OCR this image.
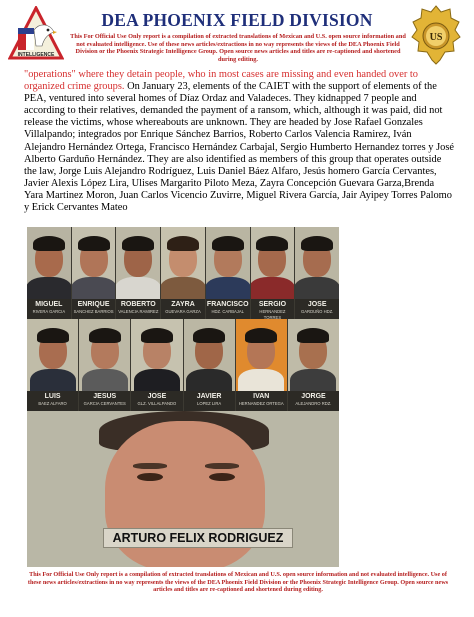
INTELLIGENCE
DEA PHOENIX FIELD DIVISION
This For Official Use Only report is a compilation of extracted translations of Mexican and U.S. open source information and not evaluated intelligence. Use of these news articles/extractions in no way represents the views of the DEA Phoenix Field Division or the Phoenix Strategic Intelligence Group. Open source news articles and titles are re-captioned and shortened during editing.
US

"operations" where they detain people, who in most cases are missing and even handed over to organized crime groups. On January 23, elements of the CAIET with the support of elements of the PEA, ventured into several homes of Díaz Ordaz and Valadeces. They kidnapped 7 people and according to their relatives, demanded the payment of a ransom, which, although it was paid, did not release the victims, whose whereabouts are unknown. They are headed by Jose Rafael Gonzales Villalpando; integrados por Enrique Sánchez Barrios, Roberto Carlos Valencia Ramirez, Iván Alejandro Hernández Ortega, Francisco Hernández Carbajal, Sergio Humberto Hernandez torres y José Alberto Garduño Hernández. They are also identified as members of this group that operates outside the law, Jorge Luis Alejandro Rodríguez, Luis Daniel Báez Alfaro, Jesús homero García Cervantes, Javier Alexis López Lira, Ulises Margarito Piloto Meza, Zayra Concepción Guevara Garza,Brenda Yara Martinez Moron, Juan Carlos Vicencio Zuvirre, Miguel Rivera García, Jair Ayipey Torres Palomo y Erick Cervantes Mateo

MIGUEL
RIVERA GARCIA
ENRIQUE
SANCHEZ BARRIOS
ROBERTO
VALENCIA RAMIREZ
ZAYRA
GUEVARA GARZA
FRANCISCO
HDZ. CARBAJAL
SERGIO
HERNANDEZ TORRES
JOSE
GARDUÑO HDZ.
LUIS
BAEZ ALFARO
JESUS
GARCIA CERVANTES
JOSE
GLZ. VILLALPANDO
JAVIER
LOPEZ LIRA
IVAN
HERNANDEZ ORTEGA
JORGE
ALEJANDRO RDZ.
ARTURO FELIX RODRIGUEZ
This For Official Use Only report is a compilation of extracted translations of Mexican and U.S. open source information and not evaluated intelligence. Use of these news articles/extractions in no way represents the views of the DEA Phoenix Field Division or the Phoenix Strategic Intelligence Group. Open source news articles and titles are re-captioned and shortened during editing.
